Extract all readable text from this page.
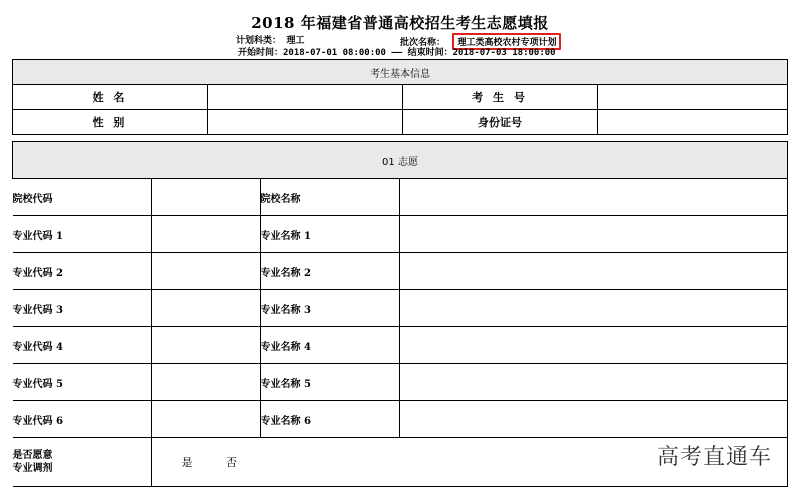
2018 年福建省普通高校招生考生志愿填报
计划科类： 理工	批次名称： 理工类高校农村专项计划
开始时间：2018-07-01 08:00:00 —— 结束时间：2018-07-03 18:00:00
考生基本信息			
姓 名		考 生 号	
性 别		身份证号	
01 志愿			
院校代码		院校名称	
专业代码 1		专业名称 1	
专业代码 2		专业名称 2	
专业代码 3		专业名称 3	
专业代码 4		专业名称 4	
专业代码 5		专业名称 5	
专业代码 6		专业名称 6	

是否愿意
专业调剂	是 否			高考直通车
